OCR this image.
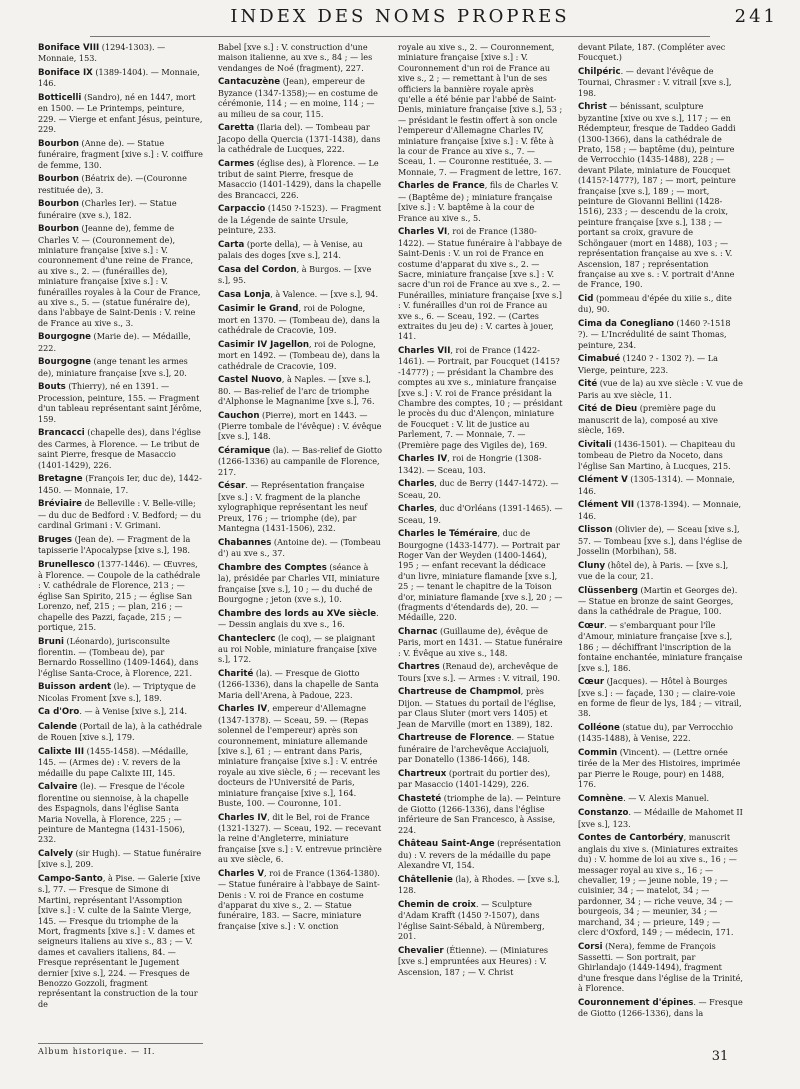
INDEX DES NOMS PROPRES	241

Boniface VIII (1294-1303). — Monnaie, 153.

Boniface IX (1389-1404). — Monnaie, 146.

Botticelli (Sandro), né en 1447, mort en 1500. — Le Printemps, peinture, 229. — Vierge et enfant Jésus, peinture, 229.

Bourbon (Anne de). — Statue funéraire, fragment [xive s.] : V. coiffure de femme, 130.

Bourbon (Béatrix de). —(Couronne restituée de), 3.

Bourbon (Charles Ier). — Statue funéraire (xve s.), 182.

Bourbon (Jeanne de), femme de Charles V. — (Couronnement de), miniature française [xive s.] : V. couronnement d'une reine de France, au xive s., 2. — (funérailles de), miniature française [xive s.] : V. funérailles royales à la Cour de France, au xive s., 5. — (statue funéraire de), dans l'abbaye de Saint-Denis : V. reine de France au xive s., 3.

Bourgogne (Marie de). — Médaille, 222.

Bourgogne (ange tenant les armes de), miniature française [xve s.], 20.

Bouts (Thierry), né en 1391. — Procession, peinture, 155. — Fragment d'un tableau représentant saint Jérôme, 159.

Brancacci (chapelle des), dans l'église des Carmes, à Florence. — Le tribut de saint Pierre, fresque de Masaccio (1401-1429), 226.

Bretagne (François Ier, duc de), 1442-1450. — Monnaie, 17.

Bréviaire de Belleville : V. Belle-ville; — du duc de Bedford : V. Bedford; — du cardinal Grimani : V. Grimani.

Bruges (Jean de). — Fragment de la tapisserie l'Apocalypse [xive s.], 198.

Brunellesco (1377-1446). — Œuvres, à Florence. — Coupole de la cathédrale : V. cathédrale de Florence, 213 ; — église San Spirito, 215 ; — église San Lorenzo, nef, 215 ; — plan, 216 ; — chapelle des Pazzi, façade, 215 ; — portique, 215.

Bruni (Léonardo), jurisconsulte florentin. — (Tombeau de), par Bernardo Rossellino (1409-1464), dans l'église Santa-Croce, à Florence, 221.

Buisson ardent (le). — Triptyque de Nicolas Froment [xve s.], 189.

Ca d'Oro. — à Venise [xive s.], 214.

Calende (Portail de la), à la cathédrale de Rouen [xive s.], 179.

Calixte III (1455-1458). —Médaille, 145. — (Armes de) : V. revers de la médaille du pape Calixte III, 145.

Calvaire (le). — Fresque de l'école florentine ou siennoise, à la chapelle des Espagnols, dans l'église Santa Maria Novella, à Florence, 225 ; — peinture de Mantegna (1431-1506), 232.

Calvely (sir Hugh). — Statue funéraire [xive s.], 209.

Campo-Santo, à Pise. — Galerie [xive s.], 77. — Fresque de Simone di Martini, représentant l'Assomption [xive s.] : V. culte de la Sainte Vierge, 145. — Fresque du triomphe de la Mort, fragments [xive s.] : V. dames et seigneurs italiens au xive s., 83 ; — V. dames et cavaliers italiens, 84. — Fresque représentant le Jugement dernier [xive s.], 224. — Fresques de Benozzo Gozzoli, fragment représentant la construction de la tour de

Babel [xve s.] : V. construction d'une maison italienne, au xve s., 84 ; — les vendanges de Noé (fragment), 227.

Cantacuzène (Jean), empereur de Byzance (1347-1358);— en costume de cérémonie, 114 ; — en moine, 114 ; — au milieu de sa cour, 115.

Caretta (Ilaria del). — Tombeau par Jacopo della Quercia (1371-1438), dans la cathédrale de Lucques, 222.

Carmes (église des), à Florence. — Le tribut de saint Pierre, fresque de Masaccio (1401-1429), dans la chapelle des Brancacci, 226.

Carpaccio (1450 ?-1523). — Fragment de la Légende de sainte Ursule, peinture, 233.

Carta (porte della), — à Venise, au palais des doges [xve s.], 214.

Casa del Cordon, à Burgos. — [xve s.], 95.

Casa Lonja, à Valence. — [xve s.], 94.

Casimir le Grand, roi de Pologne, mort en 1370. — (Tombeau de), dans la cathédrale de Cracovie, 109.

Casimir IV Jagellon, roi de Pologne, mort en 1492. — (Tombeau de), dans la cathédrale de Cracovie, 109.

Castel Nuovo, à Naples. — [xve s.], 80. — Bas-relief de l'arc de triomphe d'Alphonse le Magnanime [xve s.], 76.

Cauchon (Pierre), mort en 1443. — (Pierre tombale de l'évêque) : V. évêque [xve s.], 148.

Céramique (la). — Bas-relief de Giotto (1266-1336) au campanile de Florence, 217.

César. — Représentation française [xve s.] : V. fragment de la planche xylographique représentant les neuf Preux, 176 ; — triomphe (de), par Mantegna (1431-1506), 232.

Chabannes (Antoine de). — (Tombeau d') au xve s., 37.

Chambre des Comptes (séance à la), présidée par Charles VII, miniature française [xve s.], 10 ; — du duché de Bourgogne ; jeton (xve s.), 10.

Chambre des lords au XVe siècle. — Dessin anglais du xve s., 16.

Chanteclerc (le coq), — se plaignant au roi Noble, miniature française [xive s.], 172.

Charité (la). — Fresque de Giotto (1266-1336), dans la chapelle de Santa Maria dell'Arena, à Padoue, 223.

Charles IV, empereur d'Allemagne (1347-1378). — Sceau, 59. — (Repas solennel de l'empereur) après son couronnement, miniature allemande [xive s.], 61 ; — entrant dans Paris, miniature française [xive s.] : V. entrée royale au xive siècle, 6 ; — recevant les docteurs de l'Université de Paris, miniature française [xive s.], 164. Buste, 100. — Couronne, 101.

Charles IV, dit le Bel, roi de France (1321-1327). — Sceau, 192. — recevant la reine d'Angleterre, miniature française [xve s.] : V. entrevue princière au xve siècle, 6.

Charles V, roi de France (1364-1380). — Statue funéraire à l'abbaye de Saint-Denis : V. roi de France en costume d'apparat du xive s., 2. — Statue funéraire, 183. — Sacre, miniature française [xive s.] : V. onction

royale au xive s., 2. — Couronnement, miniature française [xive s.] : V. Couronnement d'un roi de France au xive s., 2 ; — remettant à l'un de ses officiers la bannière royale après qu'elle a été bénie par l'abbé de Saint-Denis, miniature française [xive s.], 53 ; — présidant le festin offert à son oncle l'empereur d'Allemagne Charles IV, miniature française [xive s.] : V. fête à la cour de France au xive s., 7. — Sceau, 1. — Couronne restituée, 3. — Monnaie, 7. — Fragment de lettre, 167.

Charles de France, fils de Charles V. — (Baptême de) ; miniature française [xive s.] : V. baptême à la cour de France au xive s., 5.

Charles VI, roi de France (1380-1422). — Statue funéraire à l'abbaye de Saint-Denis : V. un roi de France en costume d'apparat du xive s., 2. — Sacre, miniature française [xve s.] : V. sacre d'un roi de France au xve s., 2. — Funérailles, miniature française [xve s.] : V. funérailles d'un roi de France au xve s., 6. — Sceau, 192. — (Cartes extraites du jeu de) : V. cartes à jouer, 141.

Charles VII, roi de France (1422-1461). — Portrait, par Foucquet (1415?-1477?) ; — présidant la Chambre des comptes au xve s., miniature française [xve s.] : V. roi de France présidant la Chambre des comptes, 10 ; — présidant le procès du duc d'Alençon, miniature de Foucquet : V. lit de justice au Parlement, 7. — Monnaie, 7. — (Première page des Vigiles de), 169.

Charles IV, roi de Hongrie (1308-1342). — Sceau, 103.

Charles, duc de Berry (1447-1472). — Sceau, 20.

Charles, duc d'Orléans (1391-1465). — Sceau, 19.

Charles le Téméraire, duc de Bourgogne (1433-1477). — Portrait par Roger Van der Weyden (1400-1464), 195 ; — enfant recevant la dédicace d'un livre, miniature flamande [xve s.], 25 ; — tenant le chapitre de la Toison d'or, miniature flamande [xve s.], 20 ; — (fragments d'étendards de), 20. — Médaille, 220.

Charnac (Guillaume de), évêque de Paris, mort en 1431. — Statue funéraire : V. Évêque au xive s., 148.

Chartres (Renaud de), archevêque de Tours [xve s.]. — Armes : V. vitrail, 190.

Chartreuse de Champmol, près Dijon. — Statues du portail de l'église, par Claus Sluter (mort vers 1405) et Jean de Marville (mort en 1389), 182.

Chartreuse de Florence. — Statue funéraire de l'archevêque Acciajuoli, par Donatello (1386-1466), 148.

Chartreux (portrait du portier des), par Masaccio (1401-1429), 226.

Chasteté (triomphe de la). — Peinture de Giotto (1266-1336), dans l'église inférieure de San Francesco, à Assise, 224.

Château Saint-Ange (représentation du) : V. revers de la médaille du pape Alexandre VI, 154.

Châtellenie (la), à Rhodes. — [xve s.], 128.

Chemin de croix. — Sculpture d'Adam Krafft (1450 ?-1507), dans l'église Saint-Sébald, à Nüremberg, 201.

Chevalier (Étienne). — (Miniatures [xve s.] empruntées aux Heures) : V. Ascension, 187 ; — V. Christ

devant Pilate, 187. (Compléter avec Foucquet.)

Chilpéric. — devant l'évêque de Tournai, Chrasmer : V. vitrail [xve s.], 198.

Christ — bénissant, sculpture byzantine [xive ou xve s.], 117 ; — en Rédempteur, fresque de Taddeo Gaddi (1300-1366), dans la cathédrale de Prato, 158 ; — baptême (du), peinture de Verrocchio (1435-1488), 228 ; — devant Pilate, miniature de Foucquet (1415?-1477?), 187 ; — mort, peinture française [xve s.], 189 ; — mort, peinture de Giovanni Bellini (1428-1516), 233 ; — descendu de la croix, peinture française [xve s.], 138 ; — portant sa croix, gravure de Schöngauer (mort en 1488), 103 ; — représentation française au xve s. : V. Ascension, 187 ; représentation française au xve s. : V. portrait d'Anne de France, 190.

Cid (pommeau d'épée du xiiie s., dite du), 90.

Cima da Conegliano (1460 ?-1518 ?). — L'Incrédulité de saint Thomas, peinture, 234.

Cimabué (1240 ? - 1302 ?). — La Vierge, peinture, 223.

Cité (vue de la) au xve siècle : V. vue de Paris au xve siècle, 11.

Cité de Dieu (première page du manuscrit de la), composé au xive siècle, 169.

Civitali (1436-1501). — Chapiteau du tombeau de Pietro da Noceto, dans l'église San Martino, à Lucques, 215.

Clément V (1305-1314). — Monnaie, 146.

Clément VII (1378-1394). — Monnaie, 146.

Clisson (Olivier de), — Sceau [xive s.], 57. — Tombeau [xve s.], dans l'église de Josselin (Morbihan), 58.

Cluny (hôtel de), à Paris. — [xve s.], vue de la cour, 21.

Clüssenberg (Martin et Georges de). — Statue en bronze de saint Georges, dans la cathédrale de Prague, 100.

Cœur. — s'embarquant pour l'île d'Amour, miniature française [xve s.], 186 ; — déchiffrant l'inscription de la fontaine enchantée, miniature française [xve s.], 186.

Cœur (Jacques). — Hôtel à Bourges [xve s.] : — façade, 130 ; — claire-voie en forme de fleur de lys, 184 ; — vitrail, 38.

Colléone (statue du), par Verrocchio (1435-1488), à Venise, 222.

Commin (Vincent). — (Lettre ornée tirée de la Mer des Histoires, imprimée par Pierre le Rouge, pour) en 1488, 176.

Comnène. — V. Alexis Manuel.

Constanzo. — Médaille de Mahomet II [xve s.], 123.

Contes de Cantorbéry, manuscrit anglais du xive s. (Miniatures extraites du) : V. homme de loi au xive s., 16 ; — messager royal au xive s., 16 ; — chevalier, 19 ; — jeune noble, 19 ; — cuisinier, 34 ; — matelot, 34 ; — pardonner, 34 ; — riche veuve, 34 ; — bourgeois, 34 ; — meunier, 34 ; — marchand, 34 ; — prieure, 149 ; — clerc d'Oxford, 149 ; — médecin, 171.

Corsi (Nera), femme de François Sassetti. — Son portrait, par Ghirlandajo (1449-1494), fragment d'une fresque dans l'église de la Trinité, à Florence.

Couronnement d'épines. — Fresque de Giotto (1266-1336), dans la

Album historique. — II.	31
